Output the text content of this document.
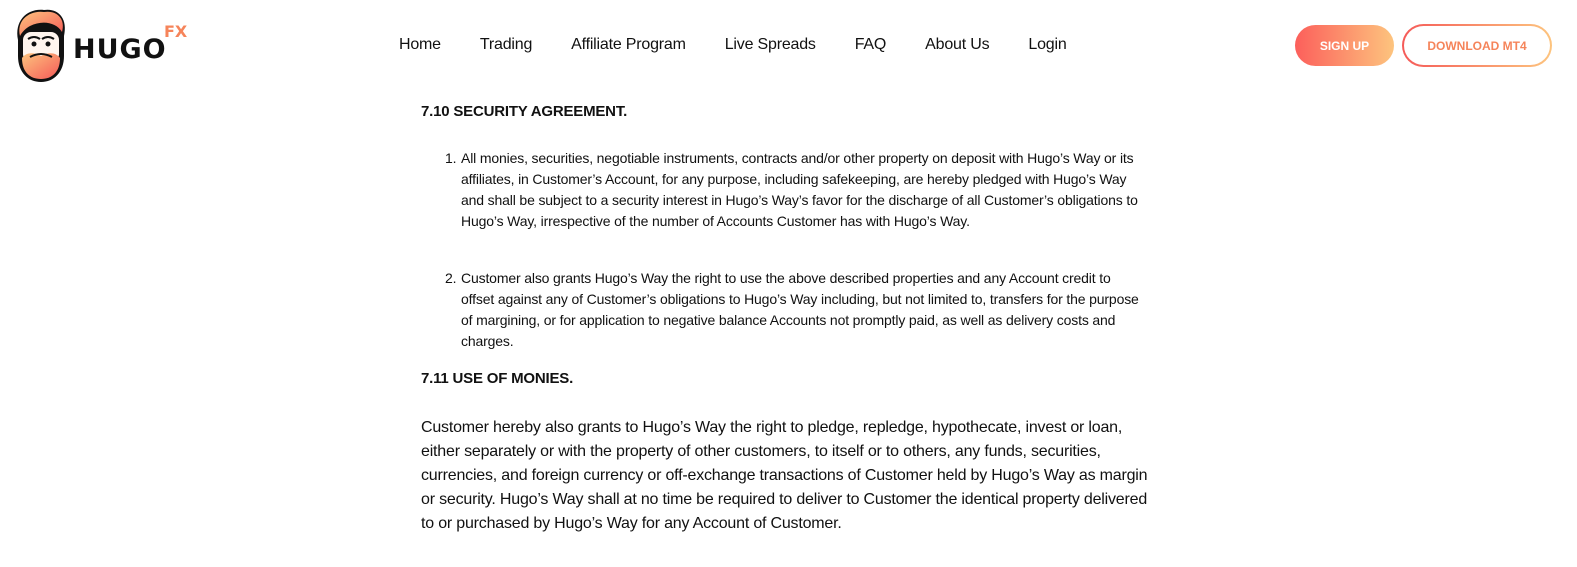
HUGO
FX
Home Trading Affiliate Program Live Spreads FAQ About Us Login	SIGN UP	DOWNLOAD MT4
7.10 SECURITY AGREEMENT.
1. All monies, securities, negotiable instruments, contracts and/or other property on deposit with Hugo’s Way or its affiliates, in Customer’s Account, for any purpose, including safekeeping, are hereby pledged with Hugo’s Way and shall be subject to a security interest in Hugo’s Way’s favor for the discharge of all Customer’s obligations to Hugo’s Way, irrespective of the number of Accounts Customer has with Hugo’s Way.
2. Customer also grants Hugo’s Way the right to use the above described properties and any Account credit to offset against any of Customer’s obligations to Hugo’s Way including, but not limited to, transfers for the purpose of margining, or for application to negative balance Accounts not promptly paid, as well as delivery costs and charges.
7.11 USE OF MONIES.

Customer hereby also grants to Hugo’s Way the right to pledge, repledge, hypothecate, invest or loan, either separately or with the property of other customers, to itself or to others, any funds, securities, currencies, and foreign currency or off-exchange transactions of Customer held by Hugo’s Way as margin or security. Hugo’s Way shall at no time be required to deliver to Customer the identical property delivered to or purchased by Hugo’s Way for any Account of Customer.
